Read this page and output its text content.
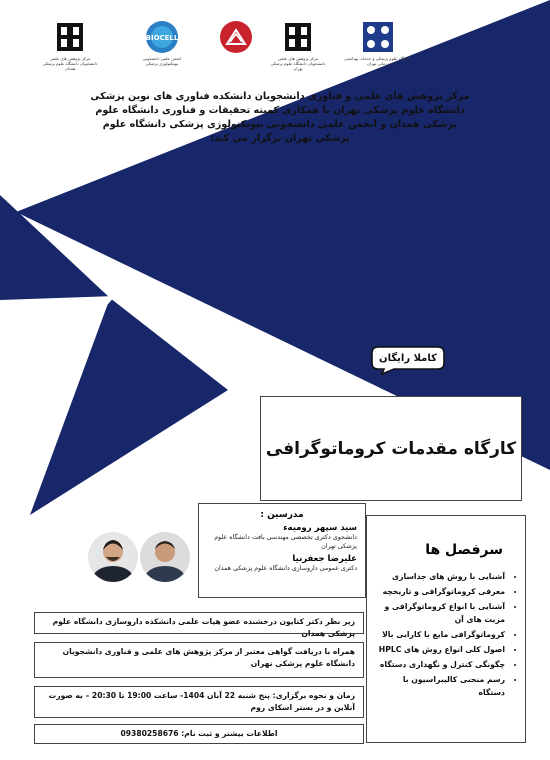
مرکز پژوهش های علمی دانشجویان دانشگاه علوم پزشکی همدان
BIOCELL
انجمن علمی دانشجویی بیوتکنولوژی پزشکی
مرکز پژوهش های علمی دانشجویان دانشگاه علوم پزشکی تهران
دانشگاه علوم پزشکی و خدمات بهداشتی درمانی تهران
مرکز پژوهش های علمی و فناوری دانشجویان دانشکده فناوری های نوین پزشکی دانشگاه علوم پزشکی تهران با همکاری کمیته تحقیقات و فناوری دانشگاه علوم پزشکی همدان و انجمن علمی دانشجویی بیوتکنولوژی پزشکی دانشگاه علوم پزشکی تهران برگزار می کند:
کاملا رایگان
کارگاه مقدمات کروماتوگرافی
مدرسین :
سید سپهر رومیه‌ء
دانشجوی دکتری تخصصی مهندسی بافت دانشگاه علوم پزشکی تهران
علیرضا جعفرنیا
دکتری عمومی داروسازی دانشگاه علوم پزشکی همدان
سرفصل ها
• آشنایی با روش های جداسازی
• معرفی کروماتوگرافی و تاریخچه
• آشنایی با انواع کروماتوگرافی و مزیت های آن
• کروماتوگرافی مایع با کارایی بالا
• اصول کلی انواع روش های HPLC
• چگونگی کنترل و نگهداری دستگاه
• رسم منحنی کالیبراسیون با دستگاه
زیر نظر دکتر کتایون درخشنده عضو هیات علمی دانشکده داروسازی دانشگاه علوم پزشکی همدان
همراه با دریافت گواهی معتبر از مرکز پژوهش های علمی و فناوری دانشجویان دانشگاه علوم پزشکی تهران
زمان و نحوه برگزاری: پنج شنبه 22 آبان 1404- ساعت 19:00 تا 20:30 – به صورت آنلاین و در بستر اسکای روم
اطلاعات بیشتر و ثبت نام: 09380258676
